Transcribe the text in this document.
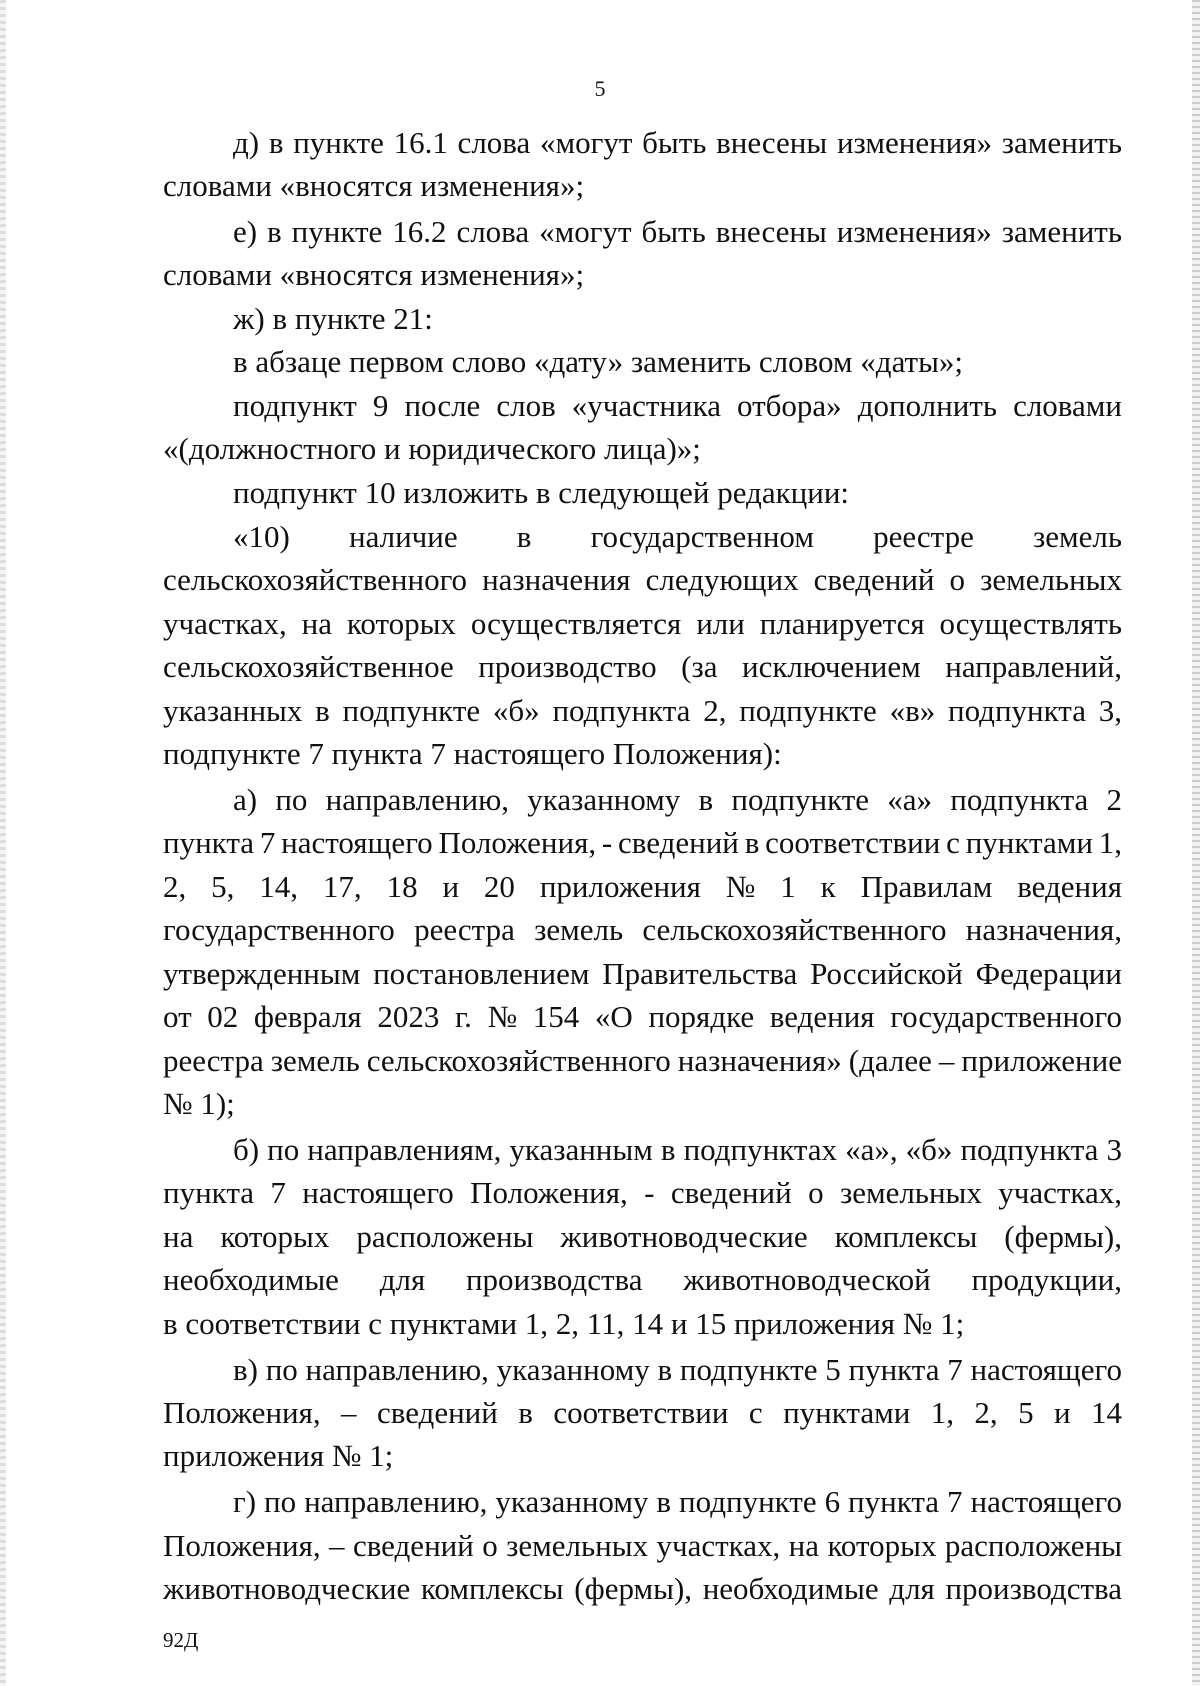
5
д) в пункте 16.1 слова «могут быть внесены изменения» заменить
словами «вносятся изменения»;
е) в пункте 16.2 слова «могут быть внесены изменения» заменить
словами «вносятся изменения»;
ж) в пункте 21:
в абзаце первом слово «дату» заменить словом «даты»;
подпункт 9 после слов «участника отбора» дополнить словами
«(должностного и юридического лица)»;
подпункт 10 изложить в следующей редакции:
«10) наличие в государственном реестре земель
сельскохозяйственного назначения следующих сведений о земельных
участках, на которых осуществляется или планируется осуществлять
сельскохозяйственное производство (за исключением направлений,
указанных в подпункте «б» подпункта 2, подпункте «в» подпункта 3,
подпункте 7 пункта 7 настоящего Положения):
а) по направлению, указанному в подпункте «а» подпункта 2
пункта 7 настоящего Положения, - сведений в соответствии с пунктами 1,
2, 5, 14, 17, 18 и 20 приложения № 1 к Правилам ведения
государственного реестра земель сельскохозяйственного назначения,
утвержденным постановлением Правительства Российской Федерации
от 02 февраля 2023 г. № 154 «О порядке ведения государственного
реестра земель сельскохозяйственного назначения» (далее – приложение
№ 1);
б) по направлениям, указанным в подпунктах «а», «б» подпункта 3
пункта 7 настоящего Положения, - сведений о земельных участках,
на которых расположены животноводческие комплексы (фермы),
необходимые для производства животноводческой продукции,
в соответствии с пунктами 1, 2, 11, 14 и 15 приложения № 1;
в) по направлению, указанному в подпункте 5 пункта 7 настоящего
Положения, – сведений в соответствии с пунктами 1, 2, 5 и 14
приложения № 1;
г) по направлению, указанному в подпункте 6 пункта 7 настоящего
Положения, – сведений о земельных участках, на которых расположены
животноводческие комплексы (фермы), необходимые для производства
92Д
